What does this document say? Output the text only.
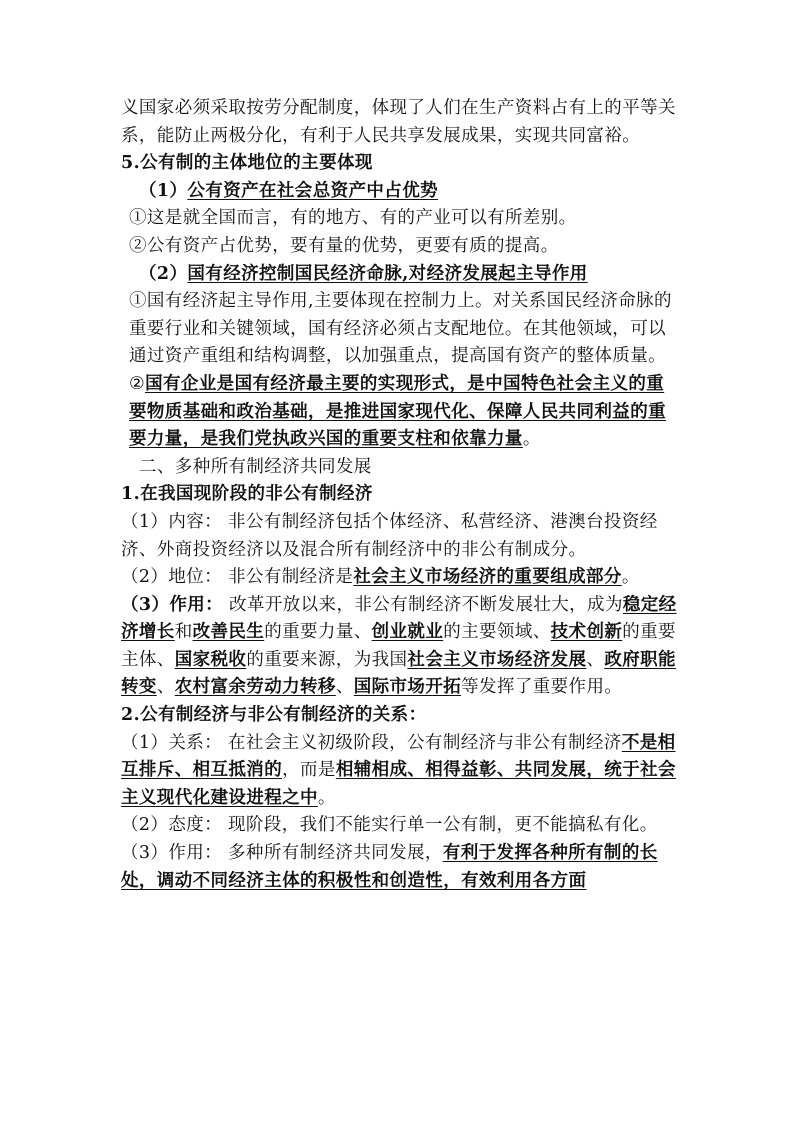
义国家必须采取按劳分配制度，体现了人们在生产资料占有上的平等关系，能防止两极分化，有利于人民共享发展成果，实现共同富裕。

5.公有制的主体地位的主要体现

（1）公有资产在社会总资产中占优势

①这是就全国而言，有的地方、有的产业可以有所差别。

②公有资产占优势，要有量的优势，更要有质的提高。

（2）国有经济控制国民经济命脉,对经济发展起主导作用

①国有经济起主导作用,主要体现在控制力上。对关系国民经济命脉的重要行业和关键领域，国有经济必须占支配地位。在其他领域，可以通过资产重组和结构调整，以加强重点，提高国有资产的整体质量。

②国有企业是国有经济最主要的实现形式，是中国特色社会主义的重要物质基础和政治基础，是推进国家现代化、保障人民共同利益的重要力量，是我们党执政兴国的重要支柱和依靠力量。

二、多种所有制经济共同发展

1.在我国现阶段的非公有制经济

（1）内容： 非公有制经济包括个体经济、私营经济、港澳台投资经济、外商投资经济以及混合所有制经济中的非公有制成分。

（2）地位： 非公有制经济是社会主义市场经济的重要组成部分。

（3）作用： 改革开放以来，非公有制经济不断发展壮大，成为稳定经济增长和改善民生的重要力量、创业就业的主要领域、技术创新的重要主体、国家税收的重要来源，为我国社会主义市场经济发展、政府职能转变、农村富余劳动力转移、国际市场开拓等发挥了重要作用。

2.公有制经济与非公有制经济的关系：

（1）关系： 在社会主义初级阶段，公有制经济与非公有制经济不是相互排斥、相互抵消的，而是相辅相成、相得益彰、共同发展，统于社会主义现代化建设进程之中。

（2）态度： 现阶段，我们不能实行单一公有制，更不能搞私有化。

（3）作用： 多种所有制经济共同发展，有利于发挥各种所有制的长处，调动不同经济主体的积极性和创造性，有效利用各方面
